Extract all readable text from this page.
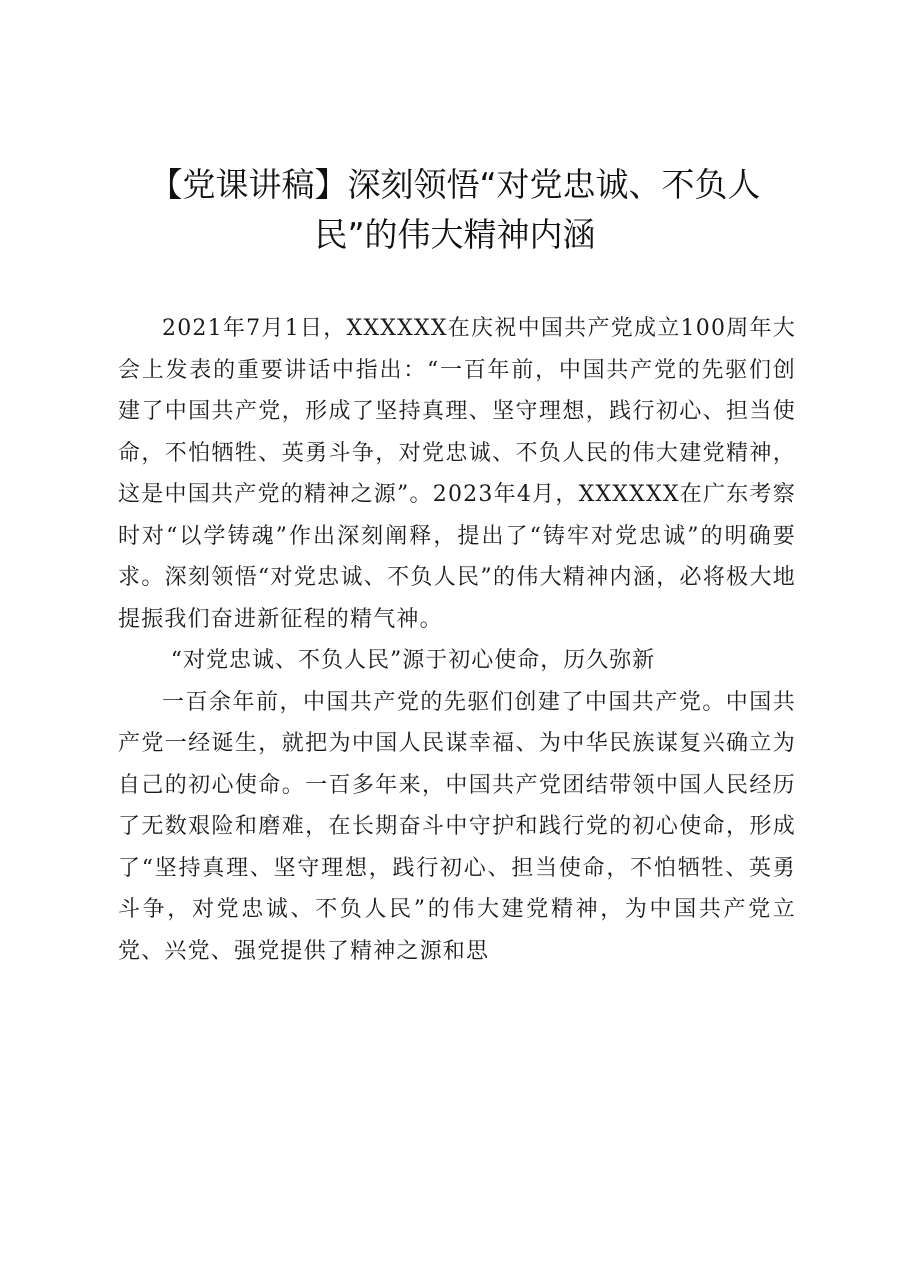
【党课讲稿】深刻领悟“对党忠诚、不负人民”的伟大精神内涵

2021年7月1日，XXXXXX在庆祝中国共产党成立100周年大会上发表的重要讲话中指出：“一百年前，中国共产党的先驱们创建了中国共产党，形成了坚持真理、坚守理想，践行初心、担当使命，不怕牺牲、英勇斗争，对党忠诚、不负人民的伟大建党精神，这是中国共产党的精神之源”。2023年4月，XXXXXX在广东考察时对“以学铸魂”作出深刻阐释，提出了“铸牢对党忠诚”的明确要求。深刻领悟“对党忠诚、不负人民”的伟大精神内涵，必将极大地提振我们奋进新征程的精气神。

“对党忠诚、不负人民”源于初心使命，历久弥新

一百余年前，中国共产党的先驱们创建了中国共产党。中国共产党一经诞生，就把为中国人民谋幸福、为中华民族谋复兴确立为自己的初心使命。一百多年来，中国共产党团结带领中国人民经历了无数艰险和磨难，在长期奋斗中守护和践行党的初心使命，形成了“坚持真理、坚守理想，践行初心、担当使命，不怕牺牲、英勇斗争，对党忠诚、不负人民”的伟大建党精神，为中国共产党立党、兴党、强党提供了精神之源和思
